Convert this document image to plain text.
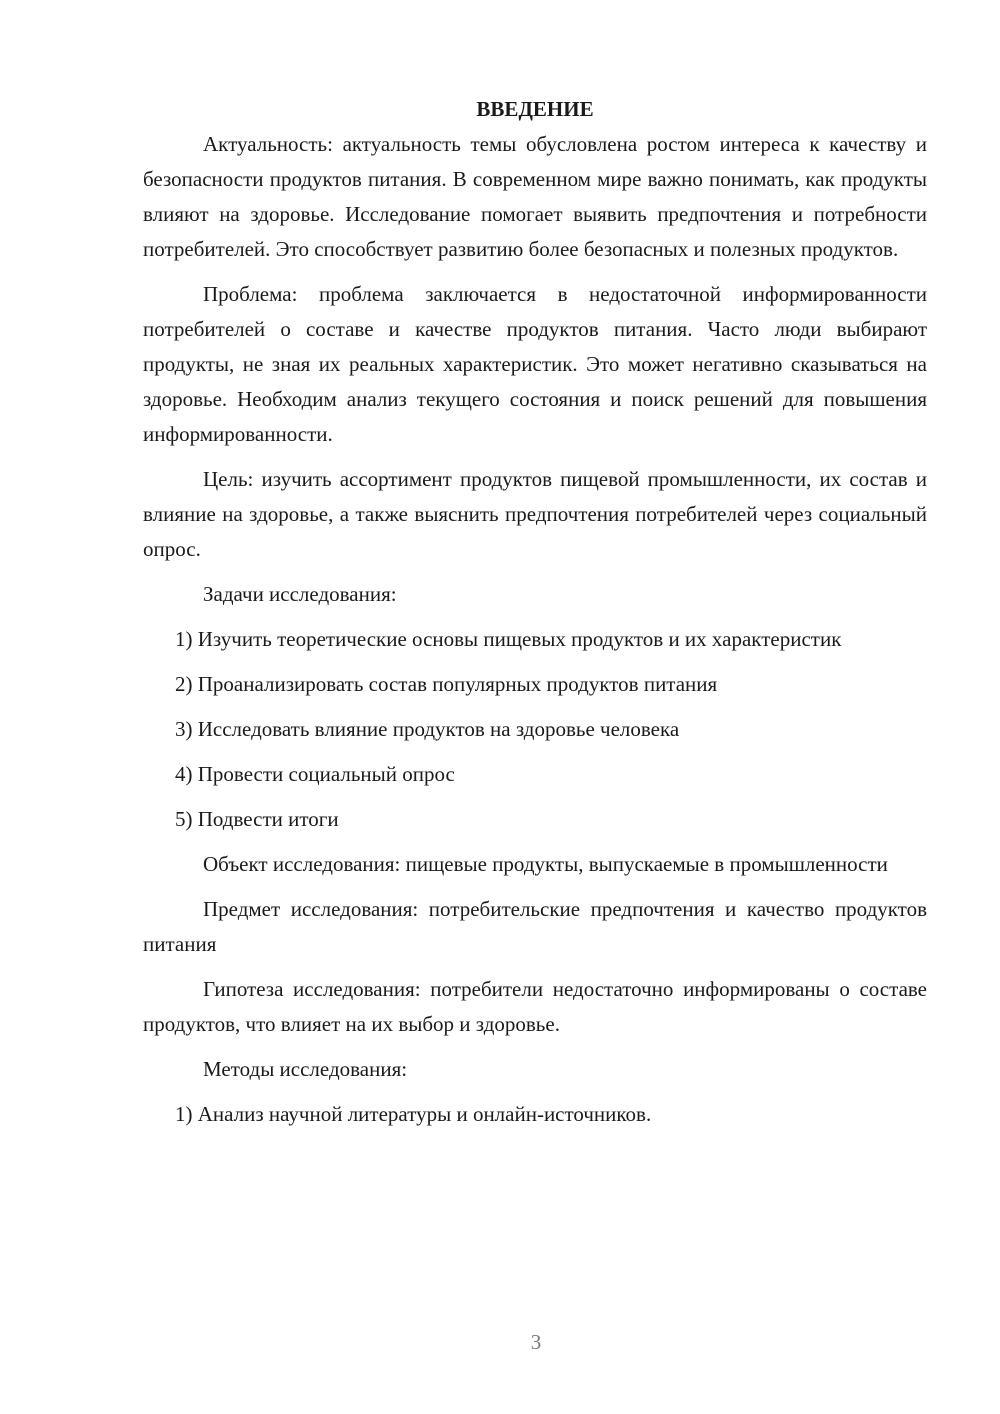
ВВЕДЕНИЕ

Актуальность: актуальность темы обусловлена ростом интереса к качеству и безопасности продуктов питания. В современном мире важно понимать, как продукты влияют на здоровье. Исследование помогает выявить предпочтения и потребности потребителей. Это способствует развитию более безопасных и полезных продуктов.

Проблема: проблема заключается в недостаточной информированности потребителей о составе и качестве продуктов питания. Часто люди выбирают продукты, не зная их реальных характеристик. Это может негативно сказываться на здоровье. Необходим анализ текущего состояния и поиск решений для повышения информированности.

Цель: изучить ассортимент продуктов пищевой промышленности, их состав и влияние на здоровье, а также выяснить предпочтения потребителей через социальный опрос.

Задачи исследования:

1) Изучить теоретические основы пищевых продуктов и их характеристик

2) Проанализировать состав популярных продуктов питания

3) Исследовать влияние продуктов на здоровье человека

4) Провести социальный опрос

5) Подвести итоги

Объект исследования: пищевые продукты, выпускаемые в промышленности

Предмет исследования: потребительские предпочтения и качество продуктов питания

Гипотеза исследования: потребители недостаточно информированы о составе продуктов, что влияет на их выбор и здоровье.

Методы исследования:

1) Анализ научной литературы и онлайн-источников.

3
